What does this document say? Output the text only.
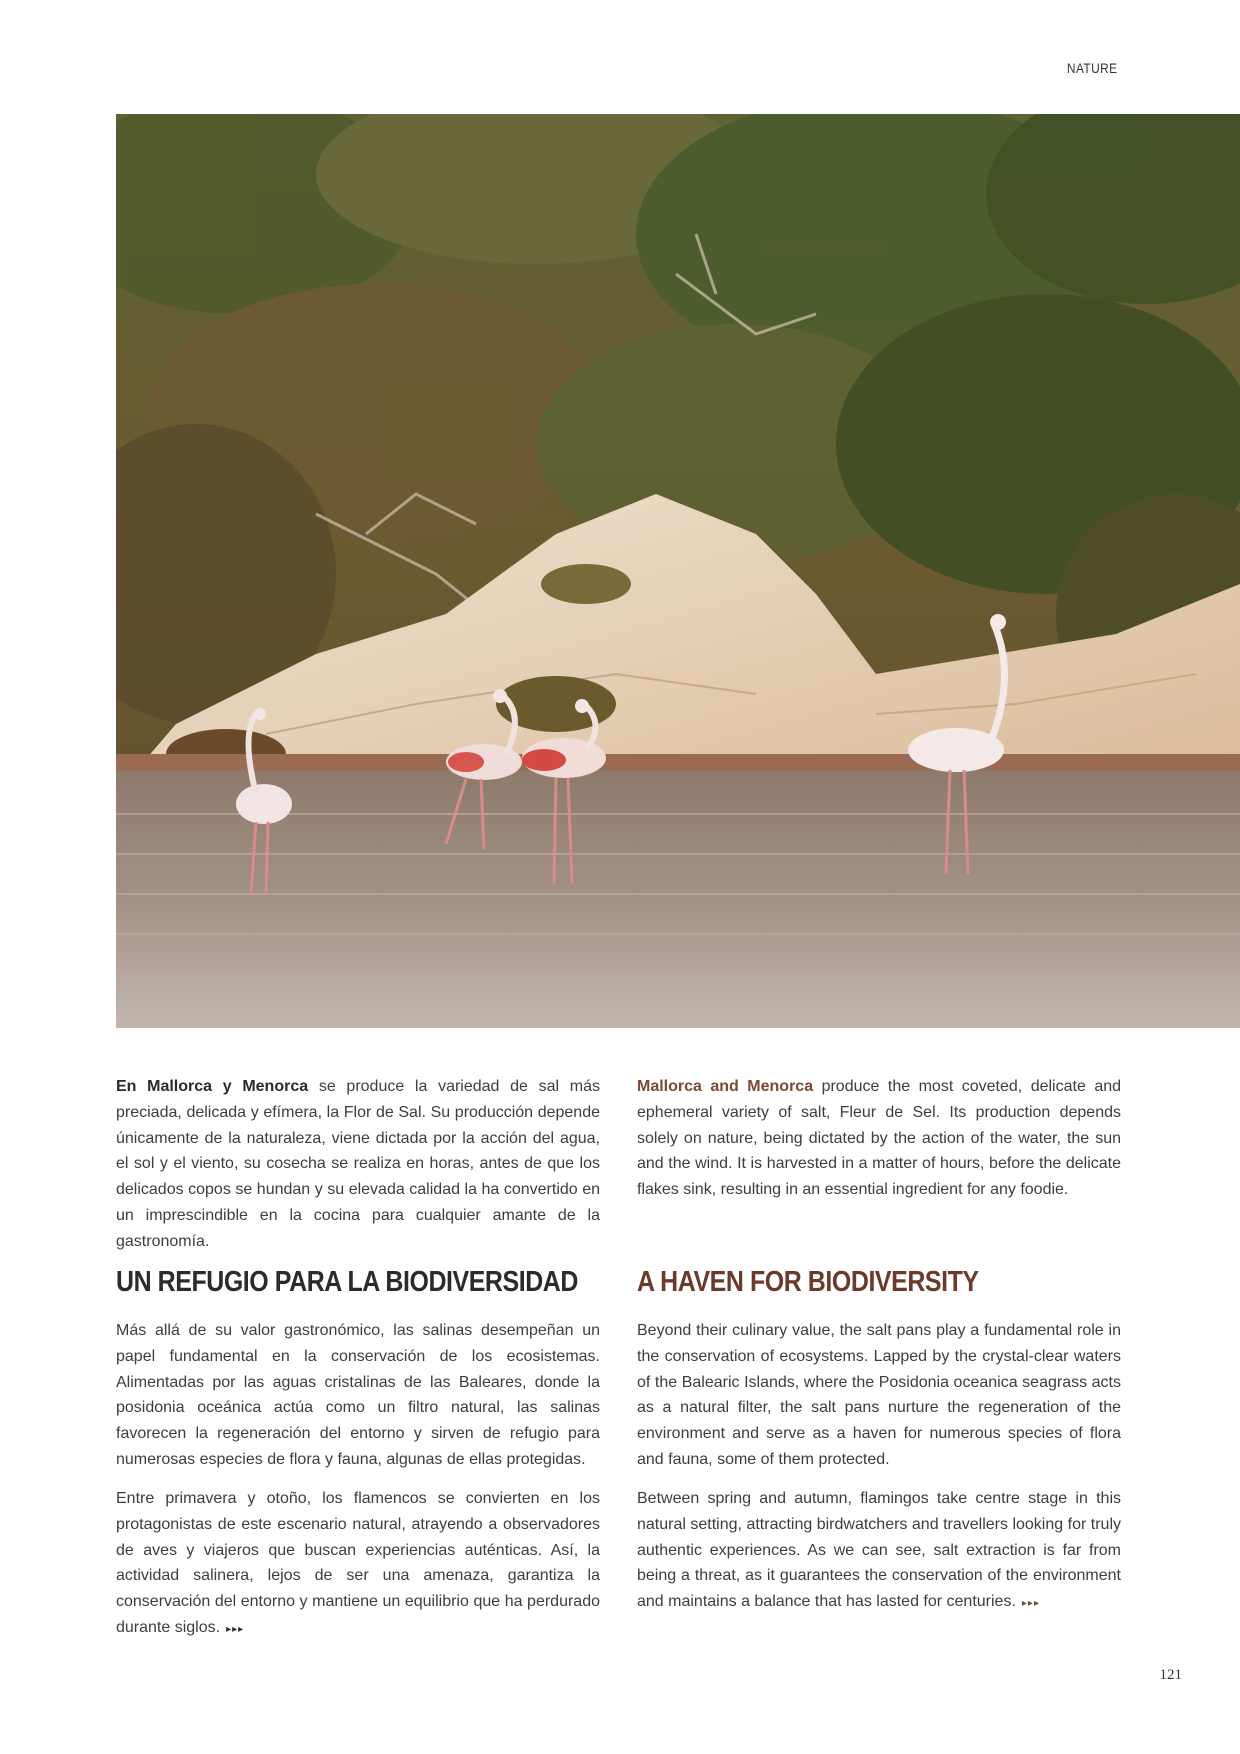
NATURE

En Mallorca y Menorca se produce la variedad de sal más preciada, delicada y efímera, la Flor de Sal. Su producción depende únicamente de la naturaleza, viene dictada por la acción del agua, el sol y el viento, su cosecha se realiza en horas, antes de que los delicados copos se hundan y su elevada calidad la ha convertido en un imprescindible en la cocina para cualquier amante de la gastronomía.

UN REFUGIO PARA LA BIODIVERSIDAD

Más allá de su valor gastronómico, las salinas desempeñan un papel fundamental en la conservación de los ecosistemas. Alimentadas por las aguas cristalinas de las Baleares, donde la posidonia oceánica actúa como un filtro natural, las salinas favorecen la regeneración del entorno y sirven de refugio para numerosas especies de flora y fauna, algunas de ellas protegidas.

Entre primavera y otoño, los flamencos se convierten en los protagonistas de este escenario natural, atrayendo a observadores de aves y viajeros que buscan experiencias auténticas. Así, la actividad salinera, lejos de ser una amenaza, garantiza la conservación del entorno y mantiene un equilibrio que ha perdurado durante siglos. ▸▸▸

Mallorca and Menorca produce the most coveted, delicate and ephemeral variety of salt, Fleur de Sel. Its production depends solely on nature, being dictated by the action of the water, the sun and the wind. It is harvested in a matter of hours, before the delicate flakes sink, resulting in an essential ingredient for any foodie.

A HAVEN FOR BIODIVERSITY

Beyond their culinary value, the salt pans play a fundamental role in the conservation of ecosystems. Lapped by the crystal-clear waters of the Balearic Islands, where the Posidonia oceanica seagrass acts as a natural filter, the salt pans nurture the regeneration of the environment and serve as a haven for numerous species of flora and fauna, some of them protected.

Between spring and autumn, flamingos take centre stage in this natural setting, attracting birdwatchers and travellers looking for truly authentic experiences. As we can see, salt extraction is far from being a threat, as it guarantees the conservation of the environment and maintains a balance that has lasted for centuries. ▸▸▸

121
